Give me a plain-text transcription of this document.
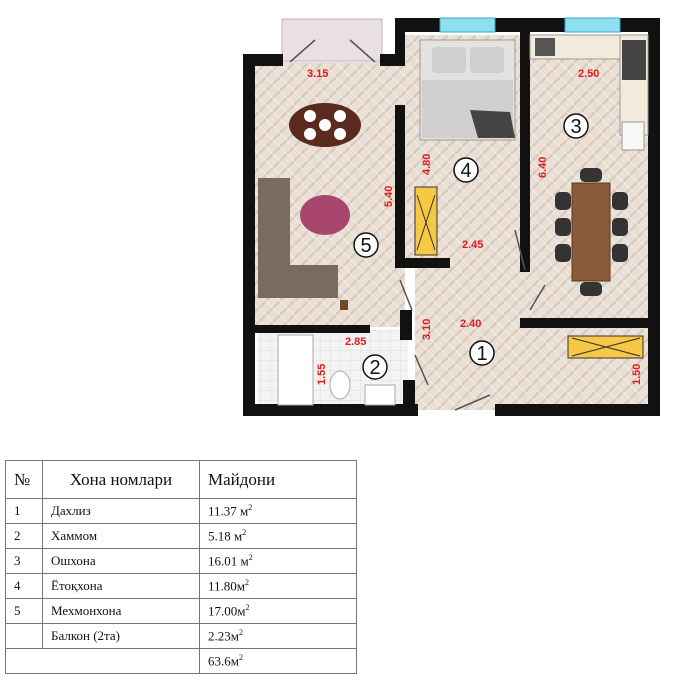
3.15	2.50
4.80	6.40
5.40
2.45
3.10 2.40
2.85
1.55	1.50
1
2
3
4
5
№	Хона номлари	Майдони
1	Дахлиз	11.37 $м^2$
2	Хаммом	5.18 $м^2$
3	Ошхона	16.01 $м^2$
4	Ётоқхона	$11.80м^2$
5	Мехмонхона	$17.00м^2$
	Балкон (2та)	$2.23м^2$
		$63.6м^2$
